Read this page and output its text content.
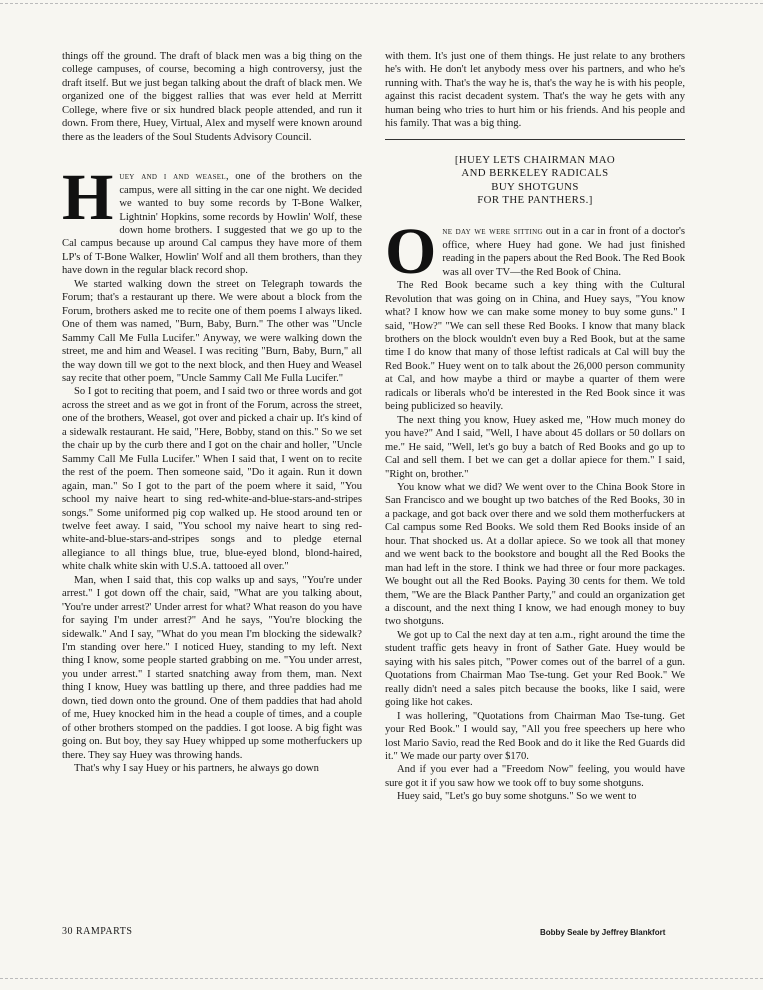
things off the ground. The draft of black men was a big thing on the college campuses, of course, becoming a high controversy, just the draft itself. But we just began talking about the draft of black men. We organized one of the biggest rallies that was ever held at Merritt College, where five or six hundred black people attended, and run it down. From there, Huey, Virtual, Alex and myself were known around there as the leaders of the Soul Students Advisory Council.

Huey and i and weasel, one of the brothers on the campus, were all sitting in the car one night. We decided we wanted to buy some records by T-Bone Walker, Lightnin' Hopkins, some records by Howlin' Wolf, these down home brothers. I suggested that we go up to the Cal campus because up around Cal campus they have more of them LP's of T-Bone Walker, Howlin' Wolf and all them brothers, than they have down in the regular black record shop.

We started walking down the street on Telegraph towards the Forum; that's a restaurant up there. We were about a block from the Forum, brothers asked me to recite one of them poems I always liked. One of them was named, "Burn, Baby, Burn." The other was "Uncle Sammy Call Me Fulla Lucifer." Anyway, we were walking down the street, me and him and Weasel. I was reciting "Burn, Baby, Burn," all the way down till we got to the next block, and then Huey and Weasel say recite that other poem, "Uncle Sammy Call Me Fulla Lucifer."

So I got to reciting that poem, and I said two or three words and got across the street and as we got in front of the Forum, across the street, one of the brothers, Weasel, got over and picked a chair up. It's kind of a sidewalk restaurant. He said, "Here, Bobby, stand on this." So we set the chair up by the curb there and I got on the chair and holler, "Uncle Sammy Call Me Fulla Lucifer." When I said that, I went on to recite the rest of the poem. Then someone said, "Do it again. Run it down again, man." So I got to the part of the poem where it said, "You school my naive heart to sing red-white-and-blue-stars-and-stripes songs." Some uniformed pig cop walked up. He stood around ten or twelve feet away. I said, "You school my naive heart to sing red-white-and-blue-stars-and-stripes songs and to pledge eternal allegiance to all things blue, true, blue-eyed blond, blond-haired, white chalk white skin with U.S.A. tattooed all over."

Man, when I said that, this cop walks up and says, "You're under arrest." I got down off the chair, said, "What are you talking about, 'You're under arrest?' Under arrest for what? What reason do you have for saying I'm under arrest?" And he says, "You're blocking the sidewalk." And I say, "What do you mean I'm blocking the sidewalk? I'm standing over here." I noticed Huey, standing to my left. Next thing I know, some people started grabbing on me. "You under arrest, you under arrest." I started snatching away from them, man. Next thing I know, Huey was battling up there, and three paddies had me down, tied down onto the ground. One of them paddies that had ahold of me, Huey knocked him in the head a couple of times, and a couple of other brothers stomped on the paddies. I got loose. A big fight was going on. But boy, they say Huey whipped up some motherfuckers up there. They say Huey was throwing hands.

That's why I say Huey or his partners, he always go down

with them. It's just one of them things. He just relate to any brothers he's with. He don't let anybody mess over his partners, and who he's running with. That's the way he is, that's the way he is with his people, against this racist decadent system. That's the way he gets with any human being who tries to hurt him or his friends. And his people and his family. That was a big thing.

[HUEY LETS CHAIRMAN MAO
AND BERKELEY RADICALS
BUY SHOTGUNS
FOR THE PANTHERS.]

One day we were sitting out in a car in front of a doctor's office, where Huey had gone. We had just finished reading in the papers about the Red Book. The Red Book was all over TV—the Red Book of China.

The Red Book became such a key thing with the Cultural Revolution that was going on in China, and Huey says, "You know what? I know how we can make some money to buy some guns." I said, "How?" "We can sell these Red Books. I know that many black brothers on the block wouldn't even buy a Red Book, but at the same time I do know that many of those leftist radicals at Cal will buy the Red Book." Huey went on to talk about the 26,000 person community at Cal, and how maybe a third or maybe a quarter of them were radicals or liberals who'd be interested in the Red Book since it was being publicized so heavily.

The next thing you know, Huey asked me, "How much money do you have?" And I said, "Well, I have about 45 dollars or 50 dollars on me." He said, "Well, let's go buy a batch of Red Books and go up to Cal and sell them. I bet we can get a dollar apiece for them." I said, "Right on, brother."

You know what we did? We went over to the China Book Store in San Francisco and we bought up two batches of the Red Books, 30 in a package, and got back over there and we sold them motherfuckers at Cal campus some Red Books. We sold them Red Books inside of an hour. That shocked us. At a dollar apiece. So we took all that money and we went back to the bookstore and bought all the Red Books the man had left in the store. I think we had three or four more packages. We bought out all the Red Books. Paying 30 cents for them. We told them, "We are the Black Panther Party," and could an organization get a discount, and the next thing I know, we had enough money to buy two shotguns.

We got up to Cal the next day at ten a.m., right around the time the student traffic gets heavy in front of Sather Gate. Huey would be saying with his sales pitch, "Power comes out of the barrel of a gun. Quotations from Chairman Mao Tse-tung. Get your Red Book." We really didn't need a sales pitch because the books, like I said, were going like hot cakes.

I was hollering, "Quotations from Chairman Mao Tse-tung. Get your Red Book." I would say, "All you free speechers up here who lost Mario Savio, read the Red Book and do it like the Red Guards did it." We made our party over $170.

And if you ever had a "Freedom Now" feeling, you would have sure got it if you saw how we took off to buy some shotguns.

Huey said, "Let's go buy some shotguns." So we went to

30 RAMPARTS	Bobby Seale by Jeffrey Blankfort
